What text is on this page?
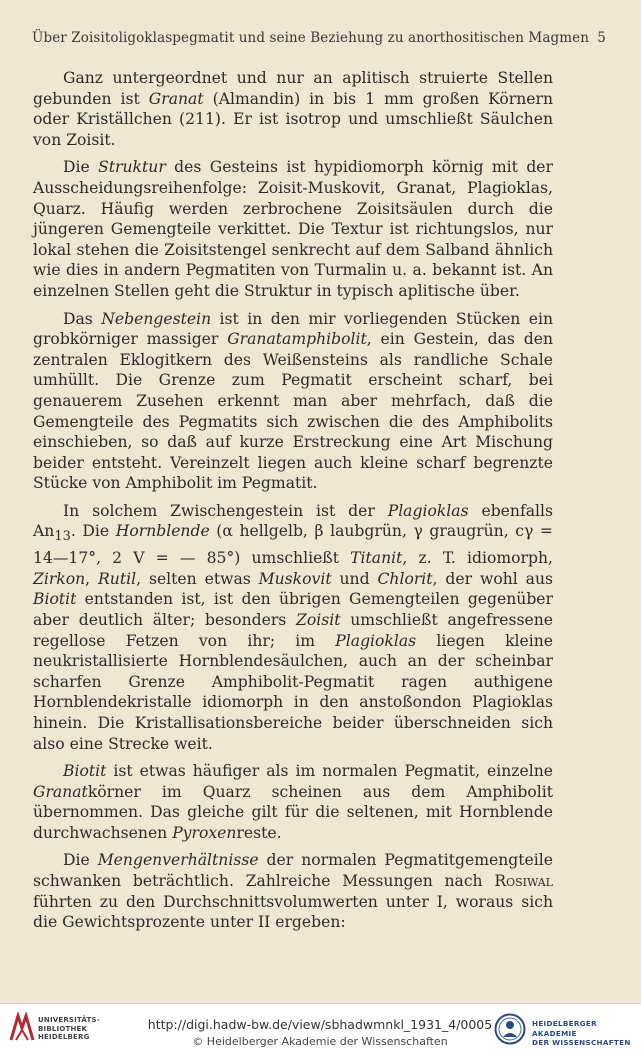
Über Zoisitoligoklaspegmatit und seine Beziehung zu anorthositischen Magmen 5

Ganz untergeordnet und nur an aplitisch struierte Stellen gebunden ist Granat (Almandin) in bis 1 mm großen Körnern oder Kriställchen (211). Er ist isotrop und umschließt Säulchen von Zoisit.

Die Struktur des Gesteins ist hypidiomorph körnig mit der Ausscheidungsreihenfolge: Zoisit-Muskovit, Granat, Plagioklas, Quarz. Häufig werden zerbrochene Zoisitsäulen durch die jüngeren Gemengteile verkittet. Die Textur ist richtungslos, nur lokal stehen die Zoisitstengel senkrecht auf dem Salband ähnlich wie dies in andern Pegmatiten von Turmalin u. a. bekannt ist. An einzelnen Stellen geht die Struktur in typisch aplitische über.

Das Nebengestein ist in den mir vorliegenden Stücken ein grobkörniger massiger Granatamphibolit, ein Gestein, das den zentralen Eklogitkern des Weißensteins als randliche Schale umhüllt. Die Grenze zum Pegmatit erscheint scharf, bei genauerem Zusehen erkennt man aber mehrfach, daß die Gemengteile des Pegmatits sich zwischen die des Amphibolits einschieben, so daß auf kurze Erstreckung eine Art Mischung beider entsteht. Vereinzelt liegen auch kleine scharf begrenzte Stücke von Amphibolit im Pegmatit.

In solchem Zwischengestein ist der Plagioklas ebenfalls $An_{13}$. Die Hornblende (α hellgelb, β laubgrün, γ graugrün, cγ = 14—17°, 2 V = — 85°) umschließt Titanit, z. T. idiomorph, Zirkon, Rutil, selten etwas Muskovit und Chlorit, der wohl aus Biotit entstanden ist, ist den übrigen Gemengteilen gegenüber aber deutlich älter; besonders Zoisit umschließt angefressene regellose Fetzen von ihr; im Plagioklas liegen kleine neukristallisierte Hornblendesäulchen, auch an der scheinbar scharfen Grenze Amphibolit-Pegmatit ragen authigene Hornblendekristalle idiomorph in den anstoßondon Plagioklas hinein. Die Kristallisationsbereiche beider überschneiden sich also eine Strecke weit.

Biotit ist etwas häufiger als im normalen Pegmatit, einzelne Granatkörner im Quarz scheinen aus dem Amphibolit übernommen. Das gleiche gilt für die seltenen, mit Hornblende durchwachsenen Pyroxenreste.

Die Mengenverhältnisse der normalen Pegmatitgemengteile schwanken beträchtlich. Zahlreiche Messungen nach Rosiwal führten zu den Durchschnittsvolumwerten unter I, woraus sich die Gewichtsprozente unter II ergeben:

UNIVERSITÄTS-
BIBLIOTHEK
HEIDELBERG
http://digi.hadw-bw.de/view/sbhadwmnkl_1931_4/0005
© Heidelberger Akademie der Wissenschaften
HEIDELBERGER AKADEMIE
DER WISSENSCHAFTEN
